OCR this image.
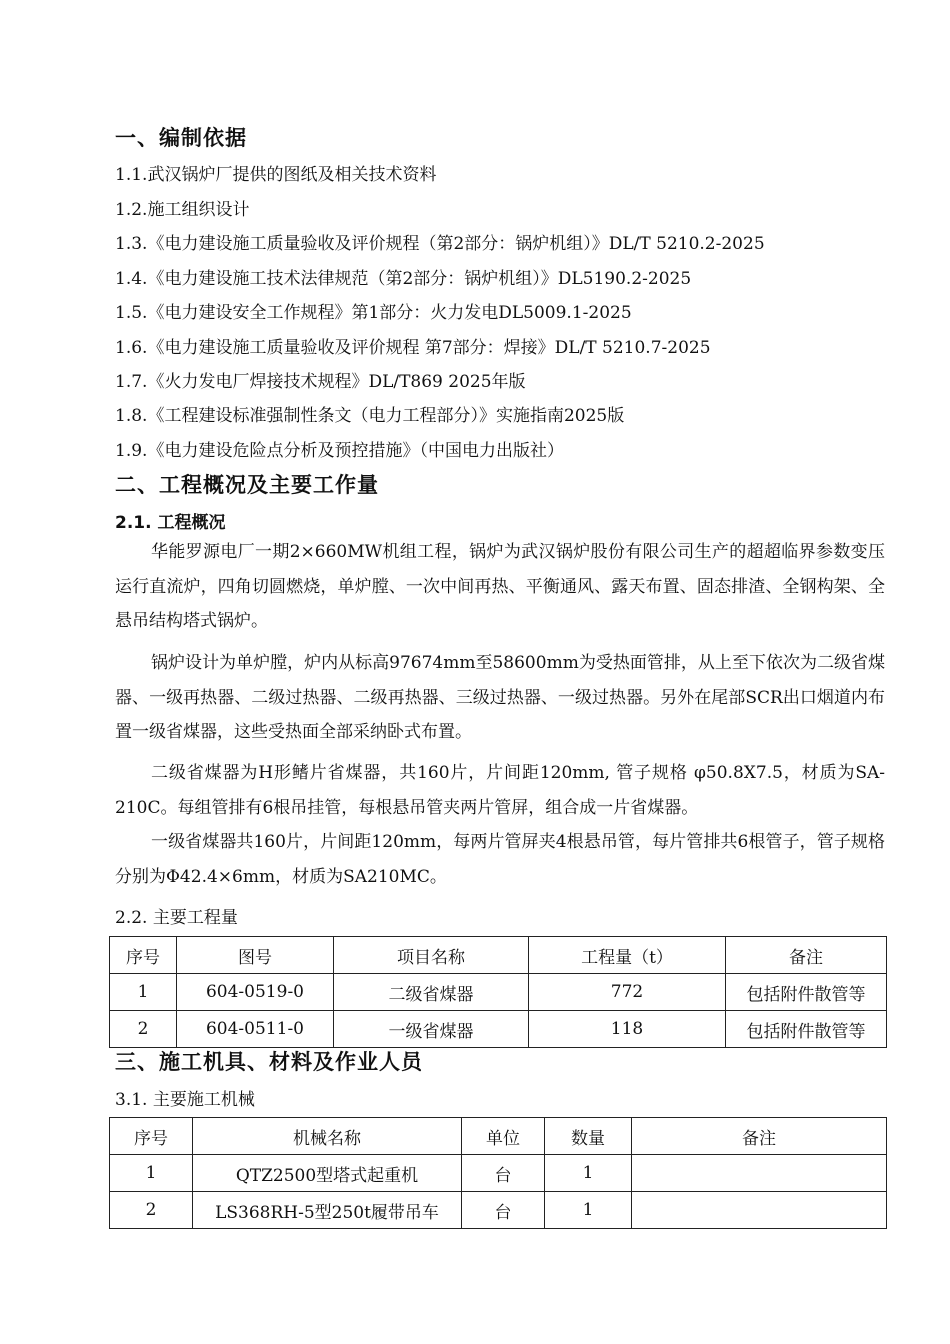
一、编制依据
1.1.武汉锅炉厂提供的图纸及相关技术资料
1.2.施工组织设计
1.3.《电力建设施工质量验收及评价规程（第2部分：锅炉机组）》DL/T 5210.2-2025
1.4.《电力建设施工技术法律规范（第2部分：锅炉机组）》DL5190.2-2025
1.5.《电力建设安全工作规程》第1部分：火力发电DL5009.1-2025
1.6.《电力建设施工质量验收及评价规程 第7部分：焊接》DL/T 5210.7-2025
1.7.《火力发电厂焊接技术规程》DL/T869 2025年版
1.8.《工程建设标准强制性条文（电力工程部分）》实施指南2025版
1.9.《电力建设危险点分析及预控措施》（中国电力出版社）
二、工程概况及主要工作量
2.1. 工程概况
华能罗源电厂一期2×660MW机组工程，锅炉为武汉锅炉股份有限公司生产的超超临界参数变压运行直流炉，四角切圆燃烧，单炉膛、一次中间再热、平衡通风、露天布置、固态排渣、全钢构架、全悬吊结构塔式锅炉。
锅炉设计为单炉膛，炉内从标高97674mm至58600mm为受热面管排，从上至下依次为二级省煤器、一级再热器、二级过热器、二级再热器、三级过热器、一级过热器。另外在尾部SCR出口烟道内布置一级省煤器，这些受热面全部采纳卧式布置。
二级省煤器为H形鳍片省煤器，共160片，片间距120mm, 管子规格 φ50.8X7.5，材质为SA-210C。每组管排有6根吊挂管，每根悬吊管夹两片管屏，组合成一片省煤器。
一级省煤器共160片，片间距120mm，每两片管屏夹4根悬吊管，每片管排共6根管子，管子规格分别为Φ42.4×6mm，材质为SA210MC。
2.2. 主要工程量
序号	图号	项目名称	工程量（t）	备注
1	604-0519-0	二级省煤器	772	包括附件散管等
2	604-0511-0	一级省煤器	118	包括附件散管等
三、施工机具、材料及作业人员
3.1. 主要施工机械
序号	机械名称	单位	数量	备注
1	QTZ2500型塔式起重机	台	1	
2	LS368RH-5型250t履带吊车	台	1	
